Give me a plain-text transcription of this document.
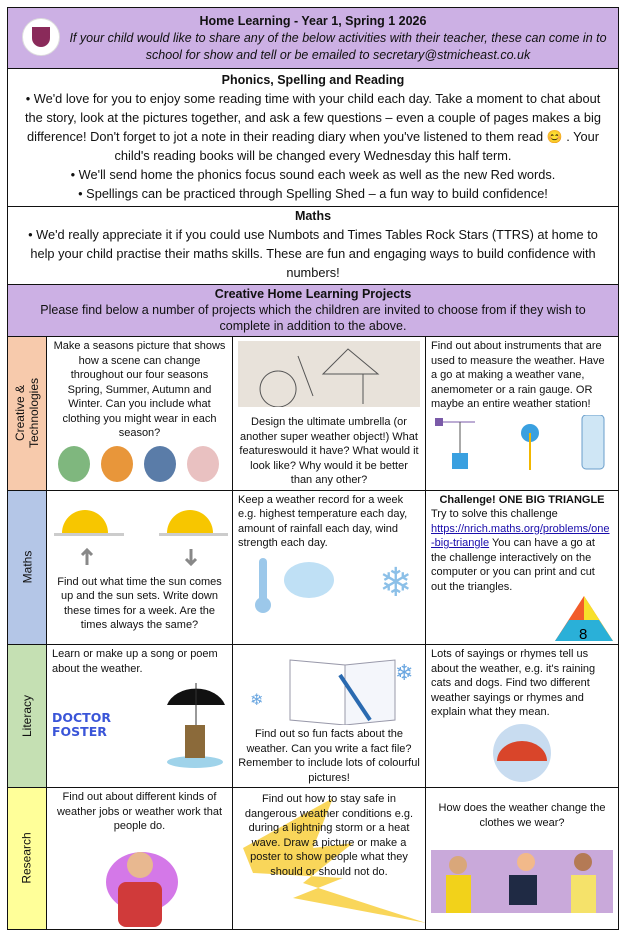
Home Learning - Year 1, Spring 1 2026
If your child would like to share any of the below activities with their teacher, these can come in to school for show and tell or be emailed to secretary@stmicheast.co.uk
Phonics, Spelling and Reading
• We'd love for you to enjoy some reading time with your child each day. Take a moment to chat about the story, look at the pictures together, and ask a few questions – even a couple of pages makes a big difference! Don't forget to jot a note in their reading diary when you've listened to them read 😊 . Your child's reading books will be changed every Wednesday this half term.
• We'll send home the phonics focus sound each week as well as the new Red words.
• Spellings can be practiced through Spelling Shed – a fun way to build confidence!
Maths
• We'd really appreciate it if you could use Numbots and Times Tables Rock Stars (TTRS) at home to help your child practise their maths skills. These are fun and engaging ways to build confidence with numbers!
Creative Home Learning Projects
Please find below a number of projects which the children are invited to choose from if they wish to complete in addition to the above.
Creative & Technologies
Make a seasons picture that shows how a scene can change throughout our four seasons Spring, Summer, Autumn and Winter. Can you include what clothing you might wear in each season?
Design the ultimate umbrella (or another super weather object!) What featureswould it have? What would it look like? Why would it be better than any other?
Find out about instruments that are used to measure the weather. Have a go at making a weather vane, anemometer or a rain gauge. OR maybe an entire weather station!
Maths	Find out what time the sun comes up and the sun sets. Write down these times for a week. Are the times always the same?
Keep a weather record for a week e.g. highest temperature each day, amount of rainfall each day, wind strength each day.
❄
Challenge! ONE BIG TRIANGLE
Try to solve this challenge
https://nrich.maths.org/problems/one-big-triangle You can have a go at the challenge interactively on the computer or you can print and cut out the triangles.
8
Literacy
Learn or make up a song or poem about the weather.
DOCTOR FOSTER
❄
❄
Find out so fun facts about the weather. Can you write a fact file? Remember to include lots of colourful pictures!
Lots of sayings or rhymes tell us about the weather, e.g. it's raining cats and dogs. Find two different weather sayings or rhymes and explain what they mean.
Research
Find out about different kinds of weather jobs or weather work that people do.
Find out how to stay safe in dangerous weather conditions e.g. during a lightning storm or a heat wave. Draw a picture or make a poster to show people what they should or should not do.
How does the weather change the clothes we wear?
